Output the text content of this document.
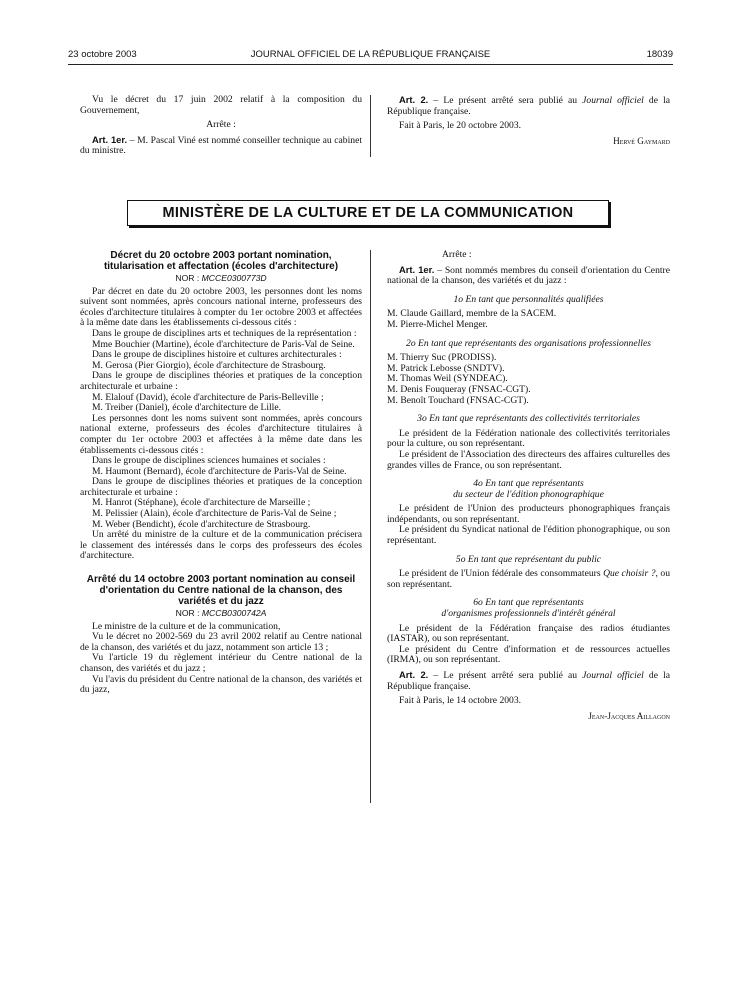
23 octobre 2003	JOURNAL OFFICIEL DE LA RÉPUBLIQUE FRANÇAISE	18039

Vu le décret du 17 juin 2002 relatif à la composition du Gouvernement,

Arrête :

Art. 1er. – M. Pascal Viné est nommé conseiller technique au cabinet du ministre.

Art. 2. – Le présent arrêté sera publié au Journal officiel de la République française.

Fait à Paris, le 20 octobre 2003.

Hervé Gaymard

MINISTÈRE DE LA CULTURE ET DE LA COMMUNICATION
Décret du 20 octobre 2003 portant nomination, titularisation et affectation (écoles d'architecture)
NOR : MCCE0300773D

Par décret en date du 20 octobre 2003, les personnes dont les noms suivent sont nommées, après concours national interne, professeurs des écoles d'architecture titulaires à compter du 1er octobre 2003 et affectées à la même date dans les établissements ci-dessous cités :

Dans le groupe de disciplines arts et techniques de la représentation :

Mme Bouchier (Martine), école d'architecture de Paris-Val de Seine.

Dans le groupe de disciplines histoire et cultures architecturales :

M. Gerosa (Pier Giorgio), école d'architecture de Strasbourg.

Dans le groupe de disciplines théories et pratiques de la conception architecturale et urbaine :

M. Elalouf (David), école d'architecture de Paris-Belleville ;

M. Treiber (Daniel), école d'architecture de Lille.

Les personnes dont les noms suivent sont nommées, après concours national externe, professeurs des écoles d'architecture titulaires à compter du 1er octobre 2003 et affectées à la même date dans les établissements ci-dessous cités :

Dans le groupe de disciplines sciences humaines et sociales :

M. Haumont (Bernard), école d'architecture de Paris-Val de Seine.

Dans le groupe de disciplines théories et pratiques de la conception architecturale et urbaine :

M. Hanrot (Stéphane), école d'architecture de Marseille ;

M. Pelissier (Alain), école d'architecture de Paris-Val de Seine ;

M. Weber (Bendicht), école d'architecture de Strasbourg.

Un arrêté du ministre de la culture et de la communication précisera le classement des intéressés dans le corps des professeurs des écoles d'architecture.

Arrêté du 14 octobre 2003 portant nomination au conseil d'orientation du Centre national de la chanson, des variétés et du jazz
NOR : MCCB0300742A

Le ministre de la culture et de la communication,

Vu le décret no 2002-569 du 23 avril 2002 relatif au Centre national de la chanson, des variétés et du jazz, notamment son article 13 ;

Vu l'article 19 du règlement intérieur du Centre national de la chanson, des variétés et du jazz ;

Vu l'avis du président du Centre national de la chanson, des variétés et du jazz,

Arrête :

Art. 1er. – Sont nommés membres du conseil d'orientation du Centre national de la chanson, des variétés et du jazz :

1o En tant que personnalités qualifiées

M. Claude Gaillard, membre de la SACEM.

M. Pierre-Michel Menger.

2o En tant que représentants des organisations professionnelles

M. Thierry Suc (PRODISS).

M. Patrick Lebosse (SNDTV).

M. Thomas Weil (SYNDEAC).

M. Denis Fouqueray (FNSAC-CGT).

M. Benoît Touchard (FNSAC-CGT).

3o En tant que représentants des collectivités territoriales

Le président de la Fédération nationale des collectivités territoriales pour la culture, ou son représentant.

Le président de l'Association des directeurs des affaires culturelles des grandes villes de France, ou son représentant.

4o En tant que représentants
du secteur de l'édition phonographique

Le président de l'Union des producteurs phonographiques français indépendants, ou son représentant.

Le président du Syndicat national de l'édition phonographique, ou son représentant.

5o En tant que représentant du public

Le président de l'Union fédérale des consommateurs Que choisir ?, ou son représentant.

6o En tant que représentants
d'organismes professionnels d'intérêt général

Le président de la Fédération française des radios étudiantes (IASTAR), ou son représentant.

Le président du Centre d'information et de ressources actuelles (IRMA), ou son représentant.

Art. 2. – Le présent arrêté sera publié au Journal officiel de la République française.

Fait à Paris, le 14 octobre 2003.

Jean-Jacques Aillagon
